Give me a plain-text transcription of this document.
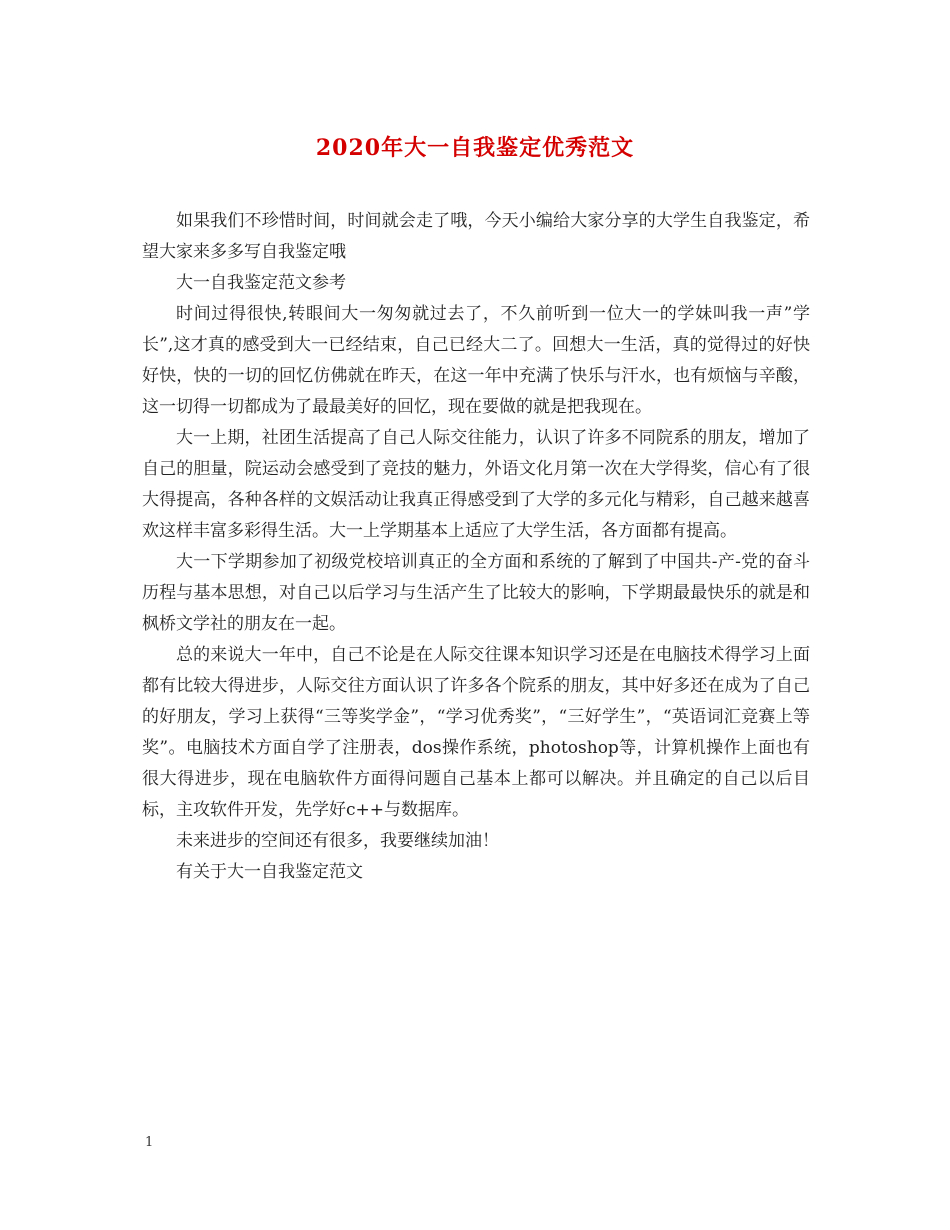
2020年大一自我鉴定优秀范文

如果我们不珍惜时间，时间就会走了哦，今天小编给大家分享的大学生自我鉴定，希望大家来多多写自我鉴定哦

大一自我鉴定范文参考

时间过得很快,转眼间大一匆匆就过去了，不久前听到一位大一的学妹叫我一声”学长”,这才真的感受到大一已经结束，自己已经大二了。回想大一生活，真的觉得过的好快好快，快的一切的回忆仿佛就在昨天，在这一年中充满了快乐与汗水，也有烦恼与辛酸，这一切得一切都成为了最最美好的回忆，现在要做的就是把我现在。

大一上期，社团生活提高了自己人际交往能力，认识了许多不同院系的朋友，增加了自己的胆量，院运动会感受到了竞技的魅力，外语文化月第一次在大学得奖，信心有了很大得提高，各种各样的文娱活动让我真正得感受到了大学的多元化与精彩，自己越来越喜欢这样丰富多彩得生活。大一上学期基本上适应了大学生活，各方面都有提高。

大一下学期参加了初级党校培训真正的全方面和系统的了解到了中国共-产-党的奋斗历程与基本思想，对自己以后学习与生活产生了比较大的影响，下学期最最快乐的就是和枫桥文学社的朋友在一起。

总的来说大一年中，自己不论是在人际交往课本知识学习还是在电脑技术得学习上面都有比较大得进步，人际交往方面认识了许多各个院系的朋友，其中好多还在成为了自己的好朋友，学习上获得“三等奖学金”，“学习优秀奖”，“三好学生”，“英语词汇竞赛上等奖”。电脑技术方面自学了注册表，dos操作系统，photoshop等，计算机操作上面也有很大得进步，现在电脑软件方面得问题自己基本上都可以解决。并且确定的自己以后目标，主攻软件开发，先学好c++与数据库。

未来进步的空间还有很多，我要继续加油！

有关于大一自我鉴定范文

1
